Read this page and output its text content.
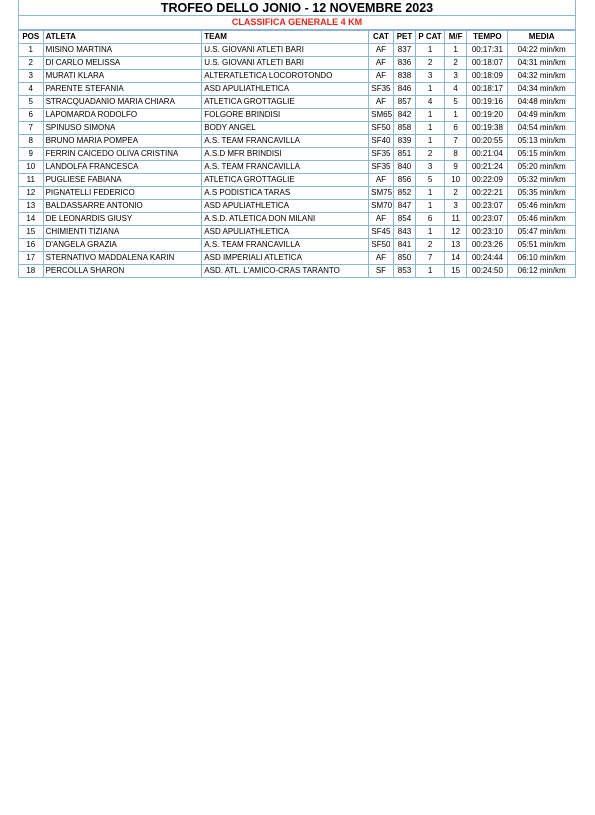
TROFEO DELLO JONIO - 12 NOVEMBRE 2023
CLASSIFICA GENERALE 4 KM
POS	ATLETA	TEAM	CAT	PET	P CAT	M/F	TEMPO	MEDIA
1	MISINO MARTINA	U.S. GIOVANI ATLETI BARI	AF	837	1	1	00:17:31	04:22 min/km
2	DI CARLO MELISSA	U.S. GIOVANI ATLETI BARI	AF	836	2	2	00:18:07	04:31 min/km
3	MURATI KLARA	ALTERATLETICA LOCOROTONDO	AF	838	3	3	00:18:09	04:32 min/km
4	PARENTE STEFANIA	ASD APULIATHLETICA	SF35	846	1	4	00:18:17	04:34 min/km
5	STRACQUADANIO MARIA CHIARA	ATLETICA GROTTAGLIE	AF	857	4	5	00:19:16	04:48 min/km
6	LAPOMARDA RODOLFO	FOLGORE BRINDISI	SM65	842	1	1	00:19:20	04:49 min/km
7	SPINUSO SIMONA	BODY ANGEL	SF50	858	1	6	00:19:38	04:54 min/km
8	BRUNO MARIA POMPEA	A.S. TEAM FRANCAVILLA	SF40	839	1	7	00:20:55	05:13 min/km
9	FERRIN CAICEDO OLIVA CRISTINA	A.S.D MFR BRINDISI	SF35	851	2	8	00:21:04	05:15 min/km
10	LANDOLFA FRANCESCA	A.S. TEAM FRANCAVILLA	SF35	840	3	9	00:21:24	05:20 min/km
11	PUGLIESE FABIANA	ATLETICA GROTTAGLIE	AF	856	5	10	00:22:09	05:32 min/km
12	PIGNATELLI FEDERICO	A.S PODISTICA TARAS	SM75	852	1	2	00:22:21	05:35 min/km
13	BALDASSARRE ANTONIO	ASD APULIATHLETICA	SM70	847	1	3	00:23:07	05:46 min/km
14	DE LEONARDIS GIUSY	A.S.D. ATLETICA DON MILANI	AF	854	6	11	00:23:07	05:46 min/km
15	CHIMIENTI TIZIANA	ASD APULIATHLETICA	SF45	843	1	12	00:23:10	05:47 min/km
16	D'ANGELA GRAZIA	A.S. TEAM FRANCAVILLA	SF50	841	2	13	00:23:26	05:51 min/km
17	STERNATIVO MADDALENA KARIN	ASD IMPERIALI ATLETICA	AF	850	7	14	00:24:44	06:10 min/km
18	PERCOLLA SHARON	ASD. ATL. L'AMICO-CRAS TARANTO	SF	853	1	15	00:24:50	06:12 min/km
